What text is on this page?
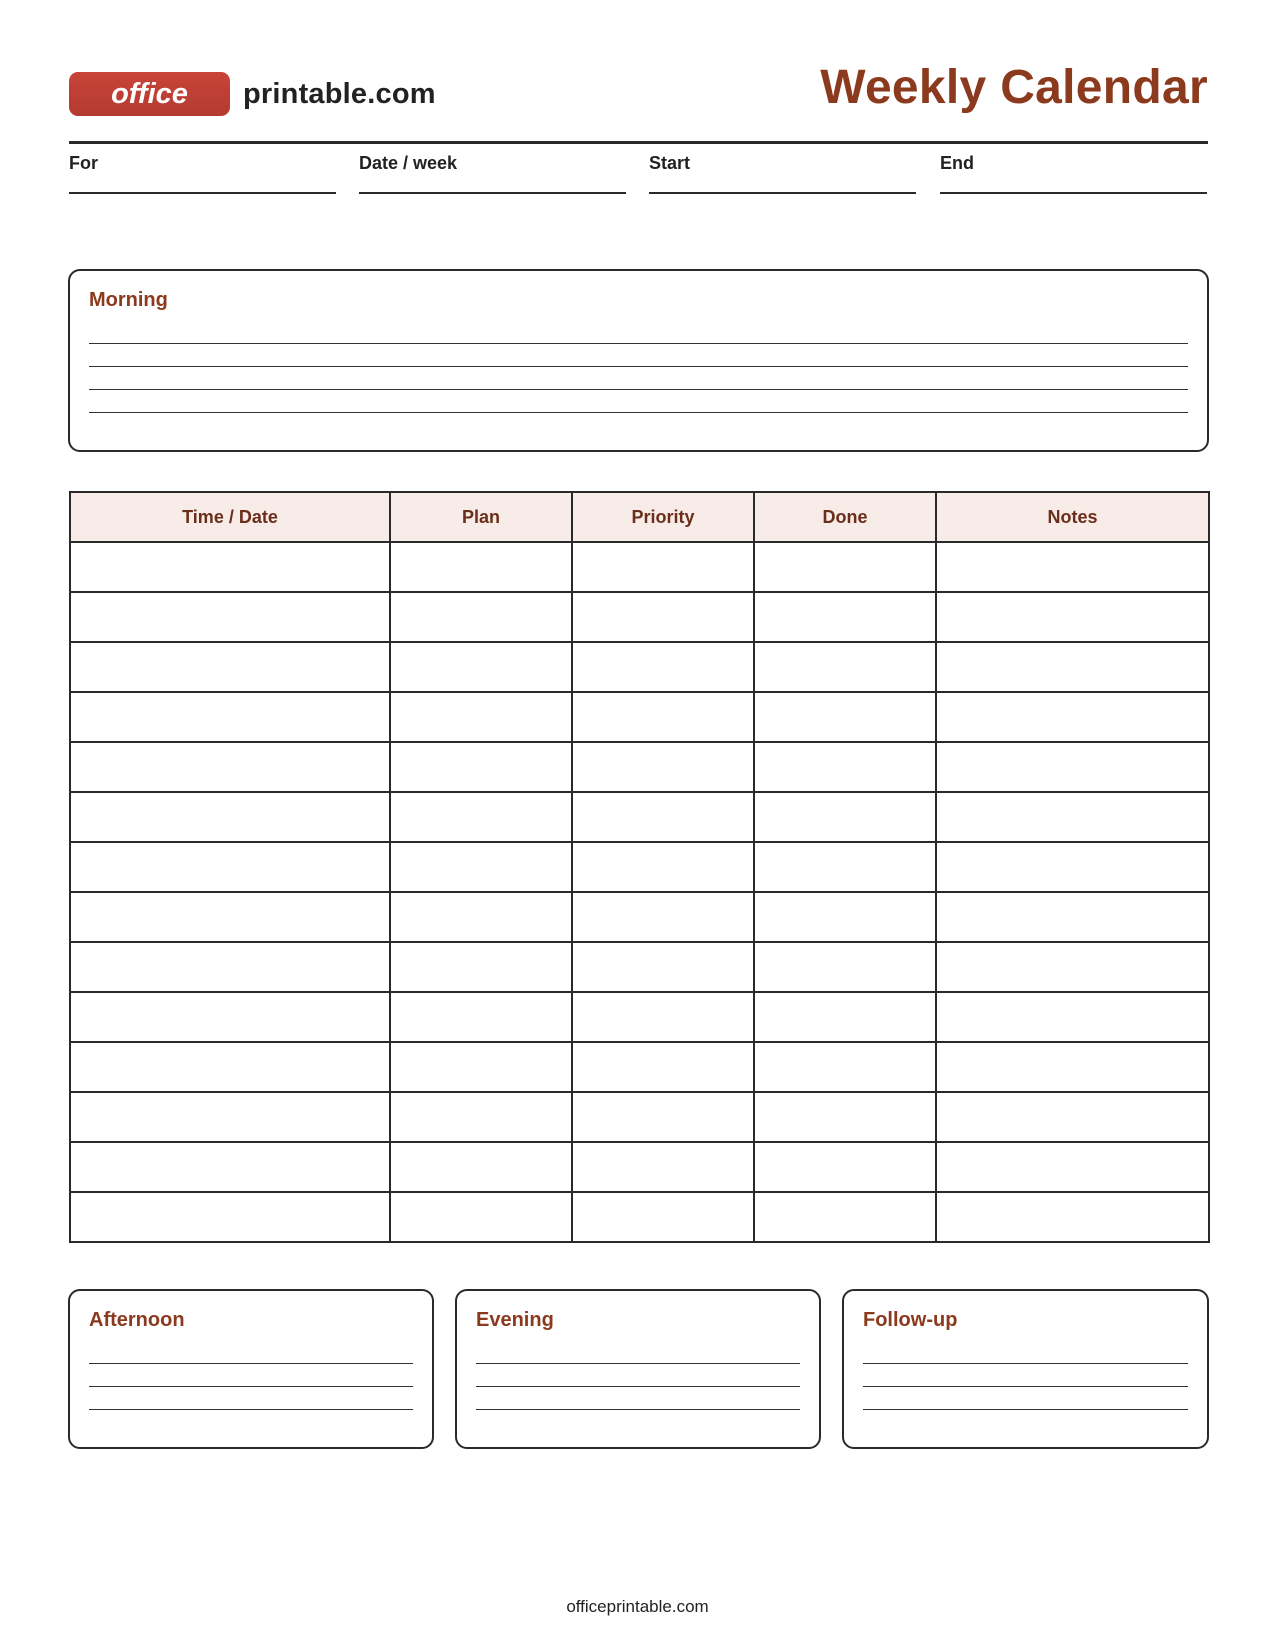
office	printable.com	Weekly Calendar
For	Date / week	Start	End
Morning
Time / Date	Plan	Priority	Done	Notes

Afternoon	Evening	Follow-up
officeprintable.com
